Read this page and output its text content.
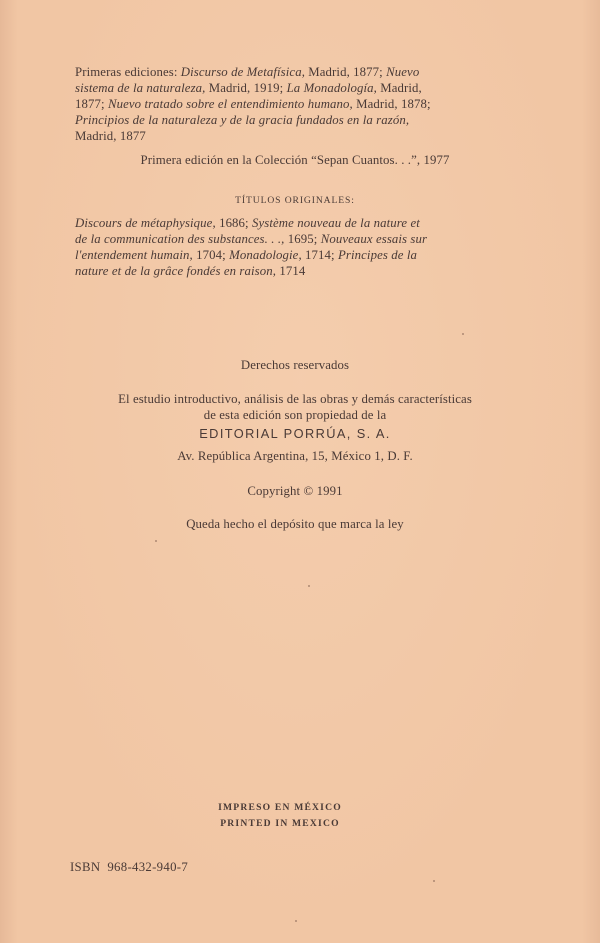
Primeras ediciones: Discurso de Metafísica, Madrid, 1877; Nuevo
sistema de la naturaleza, Madrid, 1919; La Monadología, Madrid,
1877; Nuevo tratado sobre el entendimiento humano, Madrid, 1878;
Principios de la naturaleza y de la gracia fundados en la razón,
Madrid, 1877
Primera edición en la Colección “Sepan Cuantos. . .”, 1977
TÍTULOS ORIGINALES:
Discours de métaphysique, 1686; Système nouveau de la nature et
de la communication des substances. . ., 1695; Nouveaux essais sur
l'entendement humain, 1704; Monadologie, 1714; Principes de la
nature et de la grâce fondés en raison, 1714
Derechos reservados
El estudio introductivo, análisis de las obras y demás características
de esta edición son propiedad de la
EDITORIAL PORRÚA, S. A.
Av. República Argentina, 15, México 1, D. F.
Copyright © 1991
Queda hecho el depósito que marca la ley
IMPRESO EN MÉXICO
PRINTED IN MEXICO
ISBN  968-432-940-7
